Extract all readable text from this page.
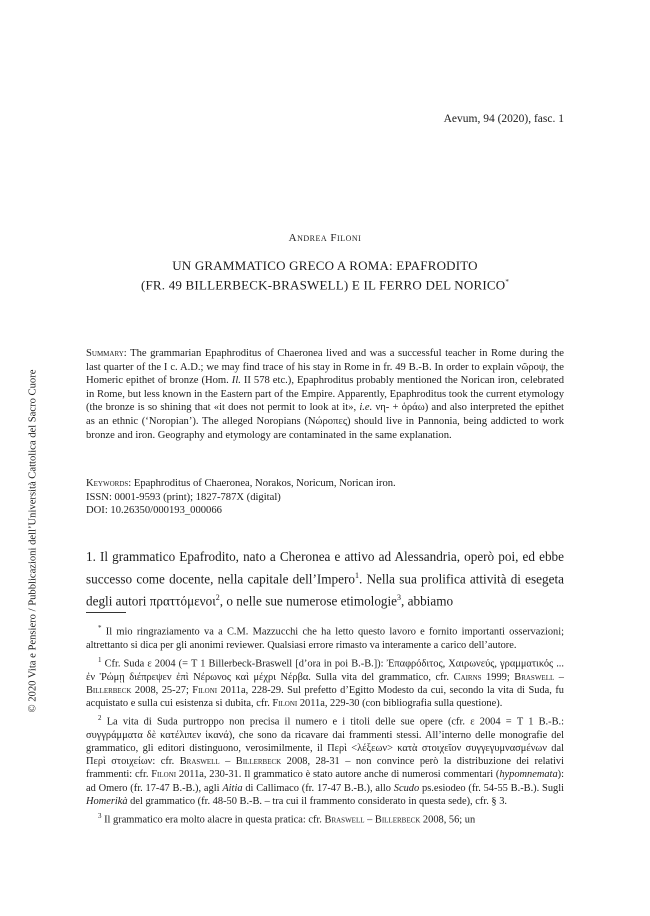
Aevum, 94 (2020), fasc. 1
Andrea Filoni
UN GRAMMATICO GRECO A ROMA: EPAFRODITO
(FR. 49 BILLERBECK-BRASWELL) E IL FERRO DEL NORICO*
Summary: The grammarian Epaphroditus of Chaeronea lived and was a successful teacher in Rome during the last quarter of the I c. A.D.; we may find trace of his stay in Rome in fr. 49 B.-B. In order to explain νῶροψ, the Homeric epithet of bronze (Hom. Il. II 578 etc.), Epaphroditus probably mentioned the Norican iron, celebrated in Rome, but less known in the Eastern part of the Empire. Apparently, Epaphroditus took the current etymology (the bronze is so shining that «it does not permit to look at it», i.e. νη- + ὁράω) and also interpreted the epithet as an ethnic (‘Noropian’). The alleged Noropians (Νώροπες) should live in Pannonia, being addicted to work bronze and iron. Geography and etymology are contaminated in the same explanation.
Keywords: Epaphroditus of Chaeronea, Norakos, Noricum, Norican iron.
ISSN: 0001-9593 (print); 1827-787X (digital)
DOI: 10.26350/000193_000066
1. Il grammatico Epafrodito, nato a Cheronea e attivo ad Alessandria, operò poi, ed ebbe successo come docente, nella capitale dell’Impero$^1$. Nella sua prolifica attività di esegeta degli autori πραττόμενοι$^2$, o nelle sue numerose etimologie$^3$, abbiamo
* Il mio ringraziamento va a C.M. Mazzucchi che ha letto questo lavoro e fornito importanti osservazioni; altrettanto si dica per gli anonimi reviewer. Qualsiasi errore rimasto va interamente a carico dell’autore.
$^1$ Cfr. Suda ε 2004 (= T 1 Billerbeck-Braswell [d’ora in poi B.-B.]): Ἐπαφρόδιτος, Χαιρωνεύς, γραμματικός ... ἐν Ῥώμῃ διέπρεψεν ἐπὶ Νέρωνος καὶ μέχρι Νέρβα. Sulla vita del grammatico, cfr. Cairns 1999; Braswell – Billerbeck 2008, 25-27; Filoni 2011a, 228-29. Sul prefetto d’Egitto Modesto da cui, secondo la vita di Suda, fu acquistato e sulla cui esistenza si dubita, cfr. Filoni 2011a, 229-30 (con bibliografia sulla questione).
$^2$ La vita di Suda purtroppo non precisa il numero e i titoli delle sue opere (cfr. ε 2004 = T 1 B.-B.: συγγράμματα δὲ κατέλιπεν ἱκανά), che sono da ricavare dai frammenti stessi. All’interno delle monografie del grammatico, gli editori distinguono, verosimilmente, il Περὶ <λέξεων> κατὰ στοιχεῖον συγγεγυμνασμένων dal Περὶ στοιχείων: cfr. Braswell – Billerbeck 2008, 28-31 – non convince però la distribuzione dei relativi frammenti: cfr. Filoni 2011a, 230-31. Il grammatico è stato autore anche di numerosi commentari (hypomnemata): ad Omero (fr. 17-47 B.-B.), agli Aitia di Callimaco (fr. 17-47 B.-B.), allo Scudo ps.esiodeo (fr. 54-55 B.-B.). Sugli Homerikà del grammatico (fr. 48-50 B.-B. – tra cui il frammento considerato in questa sede), cfr. § 3.
$^3$ Il grammatico era molto alacre in questa pratica: cfr. Braswell – Billerbeck 2008, 56; un
© 2020 Vita e Pensiero / Pubblicazioni dell’Università Cattolica del Sacro Cuore
